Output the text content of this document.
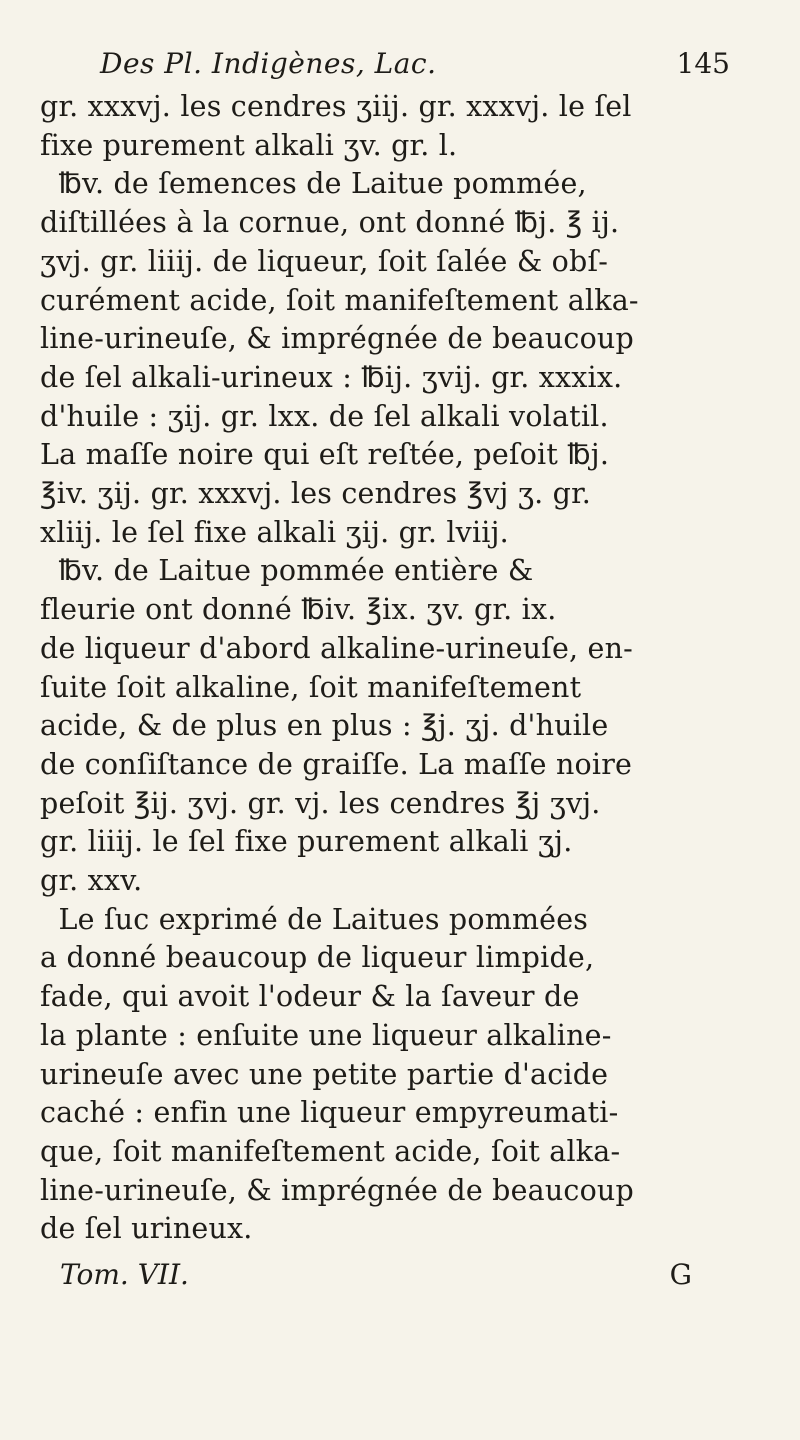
Des Pl. Indigènes, Lac.	145
gr. xxxvj. les cendres ʒiij. gr. xxxvj. le ſel
fixe purement alkali ʒv. gr. l.
℔v. de ſemences de Laitue pommée,
diſtillées à la cornue, ont donné ℔j. ℥ ij.
ʒvj. gr. liiij. de liqueur, ſoit ſalée & obſ-
curément acide, ſoit manifeſtement alka-
line-urineuſe, & imprégnée de beaucoup
de ſel alkali-urineux : ℔ij. ʒvij. gr. xxxix.
d'huile : ʒij. gr. lxx. de ſel alkali volatil.
La maſſe noire qui eſt reſtée, peſoit ℔j.
℥iv. ʒij. gr. xxxvj. les cendres ℥vj ʒ. gr.
xliij. le ſel fixe alkali ʒij. gr. lviij.
℔v. de Laitue pommée entière &
fleurie ont donné ℔iv. ℥ix. ʒv. gr. ix.
de liqueur d'abord alkaline-urineuſe, en-
ſuite ſoit alkaline, ſoit manifeſtement
acide, & de plus en plus : ℥j. ʒj. d'huile
de conſiſtance de graiſſe. La maſſe noire
peſoit ℥ij. ʒvj. gr. vj. les cendres ℥j ʒvj.
gr. liiij. le ſel fixe purement alkali ʒj.
gr. xxv.
Le ſuc exprimé de Laitues pommées
a donné beaucoup de liqueur limpide,
fade, qui avoit l'odeur & la ſaveur de
la plante : enſuite une liqueur alkaline-
urineuſe avec une petite partie d'acide
caché : enfin une liqueur empyreumati-
que, ſoit manifeſtement acide, ſoit alka-
line-urineuſe, & imprégnée de beaucoup
de ſel urineux.
Tom. VII.	G
